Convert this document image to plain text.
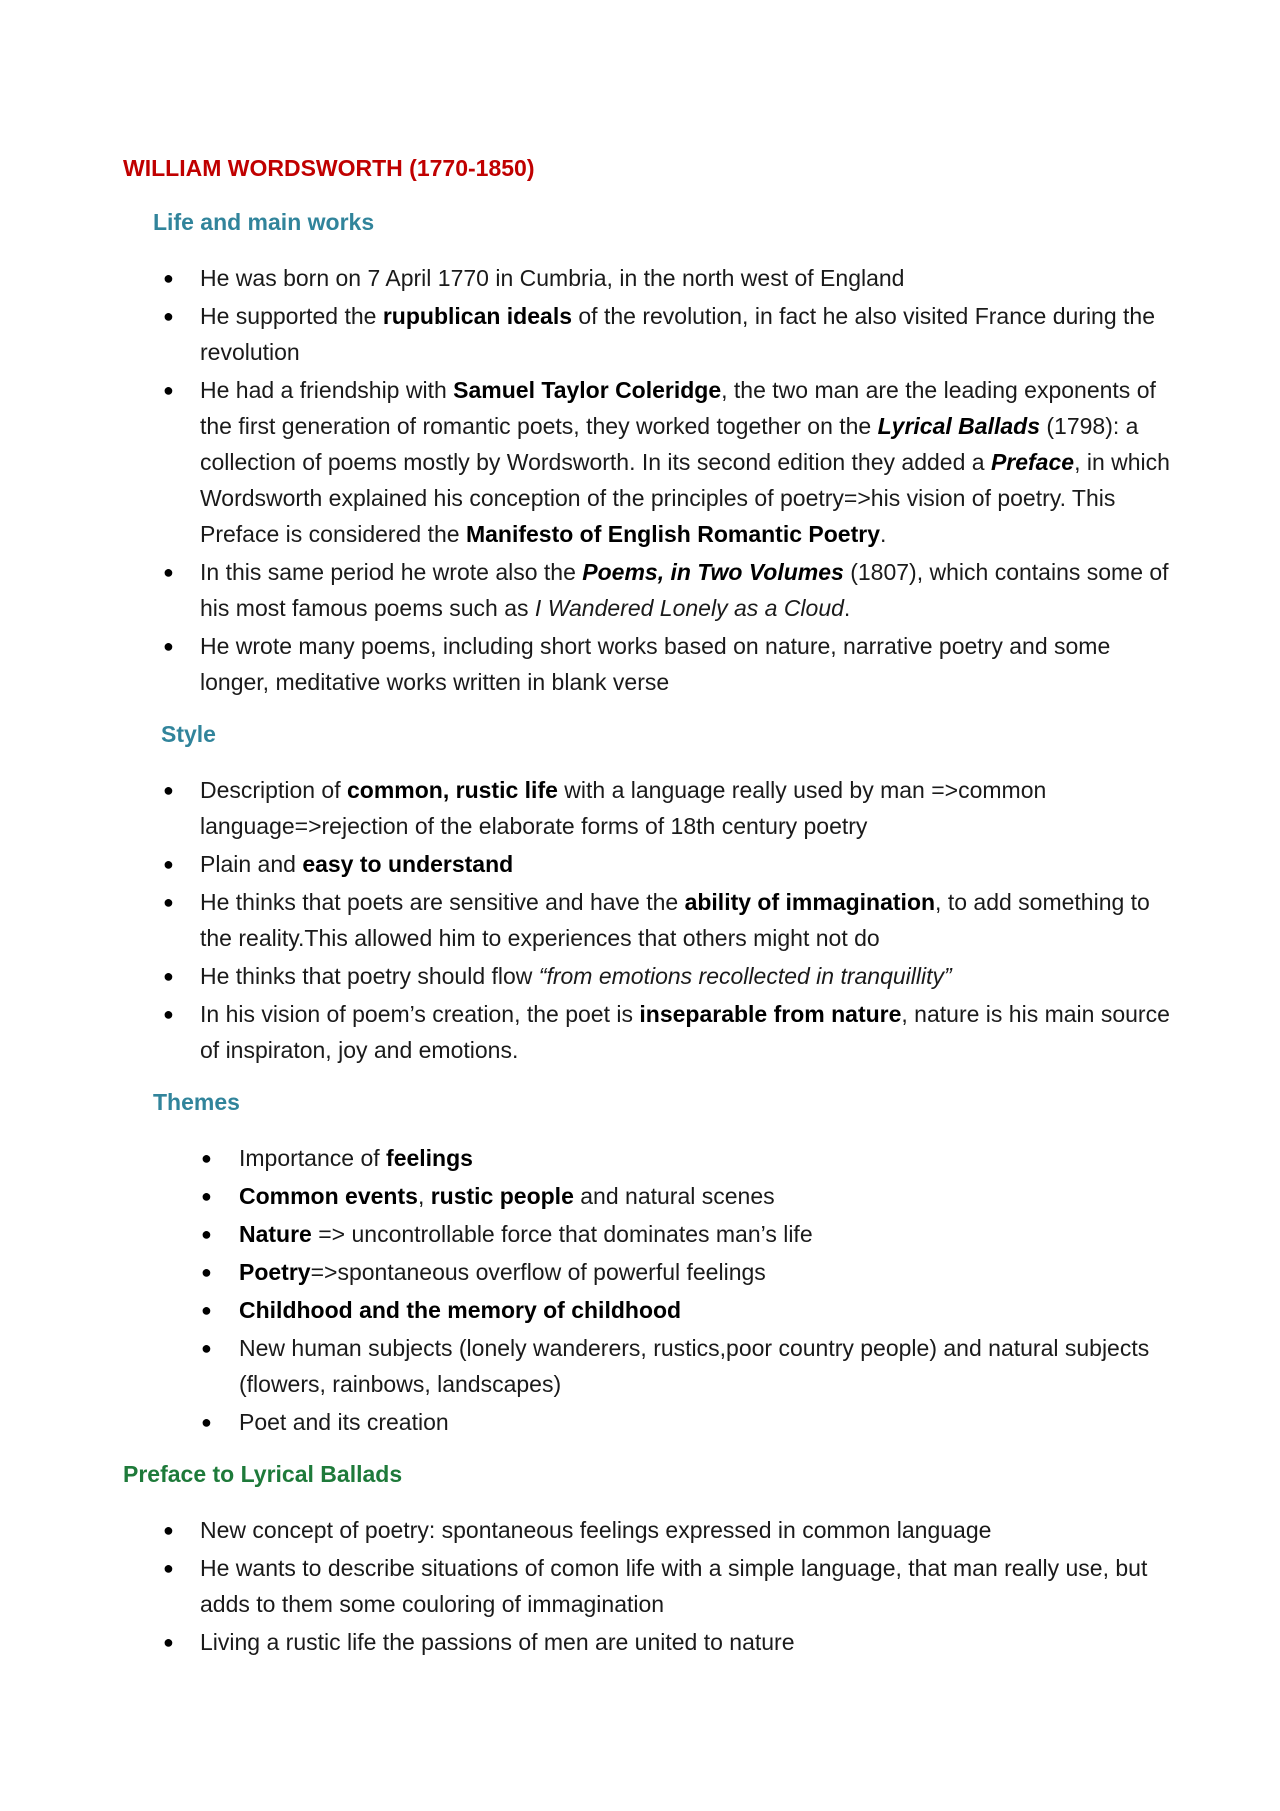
WILLIAM WORDSWORTH (1770-1850)
Life and main works
● He was born on 7 April 1770 in Cumbria, in the north west of England
● He supported the rupublican ideals of the revolution, in fact he also visited France during the revolution
● He had a friendship with Samuel Taylor Coleridge, the two man are the leading exponents of the first generation of romantic poets, they worked together on the Lyrical Ballads (1798): a collection of poems mostly by Wordsworth. In its second edition they added a Preface, in which Wordsworth explained his conception of the principles of poetry=>his vision of poetry. This Preface is considered the Manifesto of English Romantic Poetry.
● In this same period he wrote also the Poems, in Two Volumes (1807), which contains some of his most famous poems such as I Wandered Lonely as a Cloud.
● He wrote many poems, including short works based on nature, narrative poetry and some longer, meditative works written in blank verse
Style
● Description of common, rustic life with a language really used by man =>common language=>rejection of the elaborate forms of 18th century poetry
● Plain and easy to understand
● He thinks that poets are sensitive and have the ability of immagination, to add something to the reality.This allowed him to experiences that others might not do
● He thinks that poetry should flow “from emotions recollected in tranquillity”
● In his vision of poem’s creation, the poet is inseparable from nature, nature is his main source of inspiraton, joy and emotions.
Themes
● Importance of feelings
● Common events, rustic people and natural scenes
● Nature => uncontrollable force that dominates man’s life
● Poetry=>spontaneous overflow of powerful feelings
● Childhood and the memory of childhood
● New human subjects (lonely wanderers, rustics,poor country people) and natural subjects (flowers, rainbows, landscapes)
● Poet and its creation
Preface to Lyrical Ballads
● New concept of poetry: spontaneous feelings expressed in common language
● He wants to describe situations of comon life with a simple language, that man really use, but adds to them some couloring of immagination
● Living a rustic life the passions of men are united to nature
